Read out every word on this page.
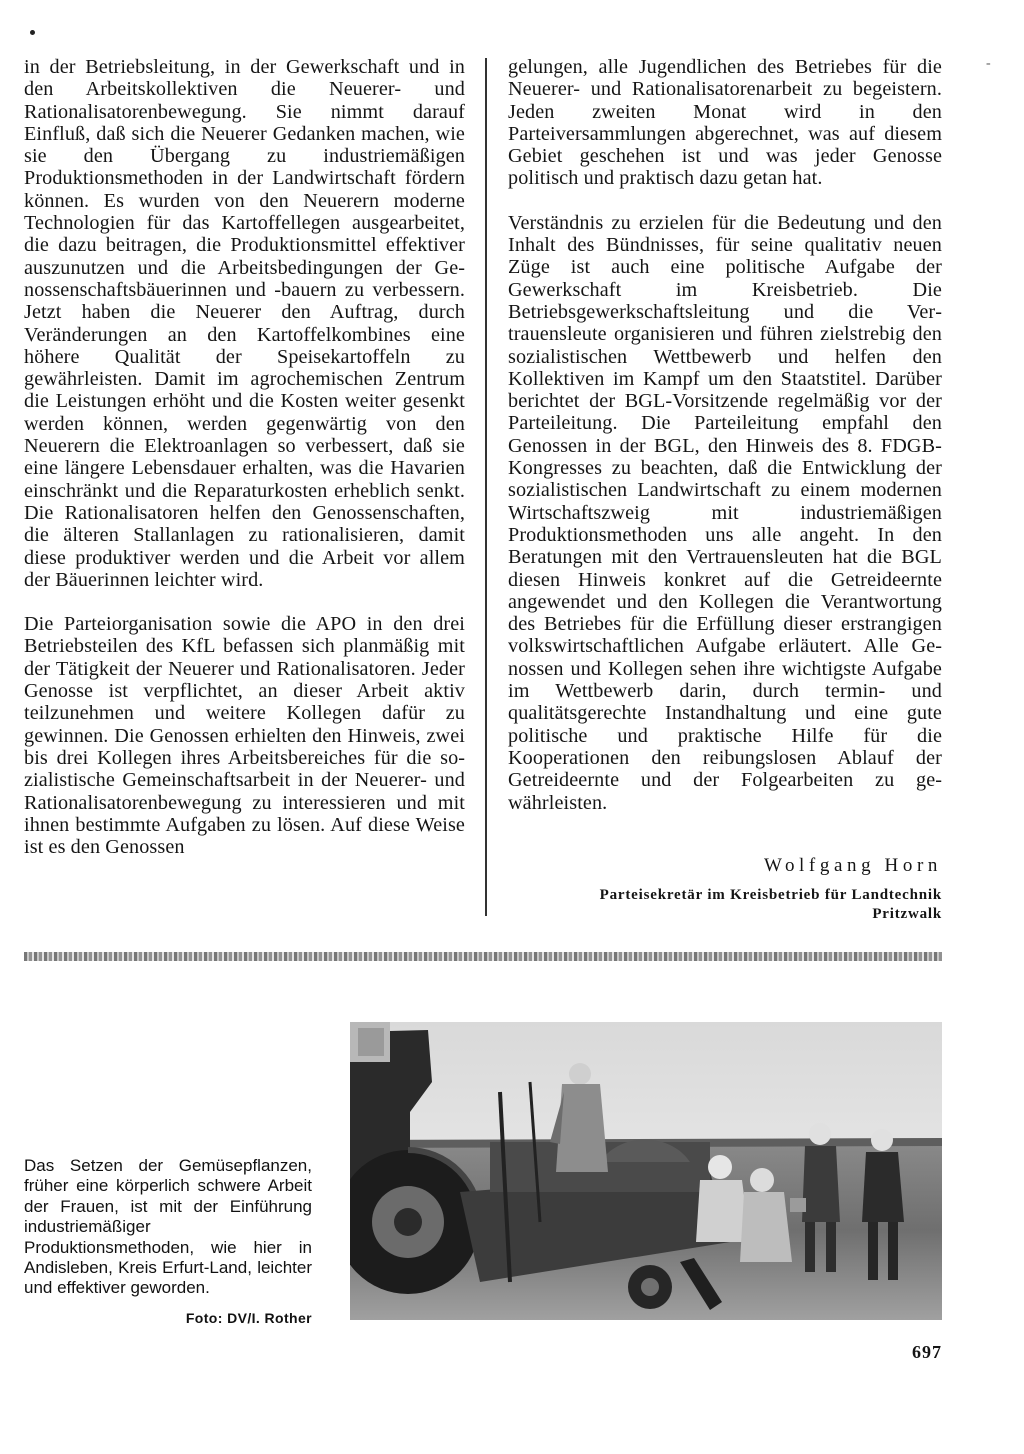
-

in der Betriebsleitung, in der Gewerkschaft und in den Arbeitskollektiven die Neuerer- und Rationalisatorenbewegung. Sie nimmt darauf Einfluß, daß sich die Neuerer Gedanken machen, wie sie den Übergang zu industriemäßigen Produktionsmethoden in der Landwirtschaft fördern können. Es wurden von den Neuerern moderne Technologien für das Kartoffellegen ausgearbeitet, die dazu beitragen, die Produktionsmittel effektiver auszunutzen und die Arbeitsbedingungen der Genossenschaftsbäuerinnen und -bauern zu verbessern. Jetzt haben die Neuerer den Auftrag, durch Veränderungen an den Kartoffelkombines eine höhere Qualität der Speisekartoffeln zu gewährleisten. Damit im agrochemischen Zentrum die Leistungen erhöht und die Kosten weiter gesenkt werden können, werden gegenwärtig von den Neuerern die Elektroanlagen so verbessert, daß sie eine längere Lebensdauer erhalten, was die Havarien einschränkt und die Reparaturkosten erheblich senkt. Die Rationalisatoren helfen den Genossenschaften, die älteren Stallanlagen zu rationalisieren, damit diese produktiver werden und die Arbeit vor allem der Bäuerinnen leichter wird.

Die Parteiorganisation sowie die APO in den drei Betriebsteilen des KfL befassen sich planmäßig mit der Tätigkeit der Neuerer und Rationalisatoren. Jeder Genosse ist verpflichtet, an dieser Arbeit aktiv teilzunehmen und weitere Kollegen dafür zu gewinnen. Die Genossen erhielten den Hinweis, zwei bis drei Kollegen ihres Arbeitsbereiches für die sozialistische Gemeinschaftsarbeit in der Neuerer- und Rationalisatorenbewegung zu interessieren und mit ihnen bestimmte Aufgaben zu lösen. Auf diese Weise ist es den Genossen

gelungen, alle Jugendlichen des Betriebes für die Neuerer- und Rationalisatorenarbeit zu begeistern. Jeden zweiten Monat wird in den Parteiversammlungen abgerechnet, was auf diesem Gebiet geschehen ist und was jeder Genosse politisch und praktisch dazu getan hat.

Verständnis zu erzielen für die Bedeutung und den Inhalt des Bündnisses, für seine qualitativ neuen Züge ist auch eine politische Aufgabe der Gewerkschaft im Kreisbetrieb. Die Betriebsgewerkschaftsleitung und die Vertrauensleute organisieren und führen zielstrebig den sozialistischen Wettbewerb und helfen den Kollektiven im Kampf um den Staatstitel. Darüber berichtet der BGL-Vorsitzende regelmäßig vor der Parteileitung. Die Parteileitung empfahl den Genossen in der BGL, den Hinweis des 8. FDGB-Kongresses zu beachten, daß die Entwicklung der sozialistischen Landwirtschaft zu einem modernen Wirtschaftszweig mit industriemäßigen Produktionsmethoden uns alle angeht. In den Beratungen mit den Vertrauensleuten hat die BGL diesen Hinweis konkret auf die Getreideernte angewendet und den Kollegen die Verantwortung des Betriebes für die Erfüllung dieser erstrangigen volkswirtschaftlichen Aufgabe erläutert. Alle Genossen und Kollegen sehen ihre wichtigste Aufgabe im Wettbewerb darin, durch termin- und qualitätsgerechte Instandhaltung und eine gute politische und praktische Hilfe für die Kooperationen den reibungslosen Ablauf der Getreideernte und der Folgearbeiten zu gewährleisten.

Wolfgang Horn
Parteisekretär im Kreisbetrieb für Landtechnik
Pritzwalk
Das Setzen der Gemüsepflanzen, früher eine körperlich schwere Arbeit der Frauen, ist mit der Einführung industriemäßiger Produktionsmethoden, wie hier in Andisleben, Kreis Erfurt-Land, leichter und effektiver geworden.
Foto: DV/I. Rother
697
